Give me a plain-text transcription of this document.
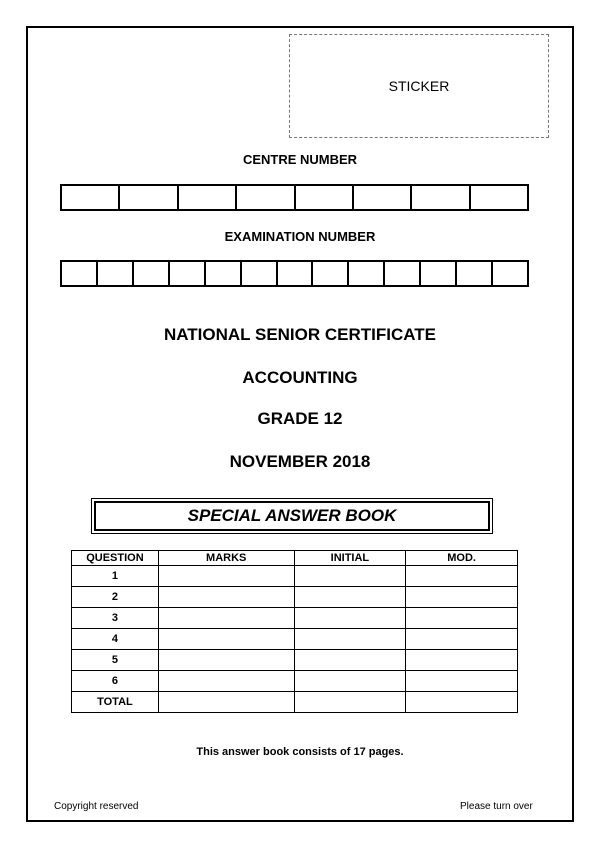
STICKER
CENTRE NUMBER
EXAMINATION NUMBER
NATIONAL SENIOR CERTIFICATE
ACCOUNTING
GRADE 12
NOVEMBER 2018
SPECIAL ANSWER BOOK
QUESTION	MARKS	INITIAL	MOD.
1			
2			
3			
4			
5			
6			
TOTAL			
This answer book consists of 17 pages.
Copyright reserved	Please turn over
